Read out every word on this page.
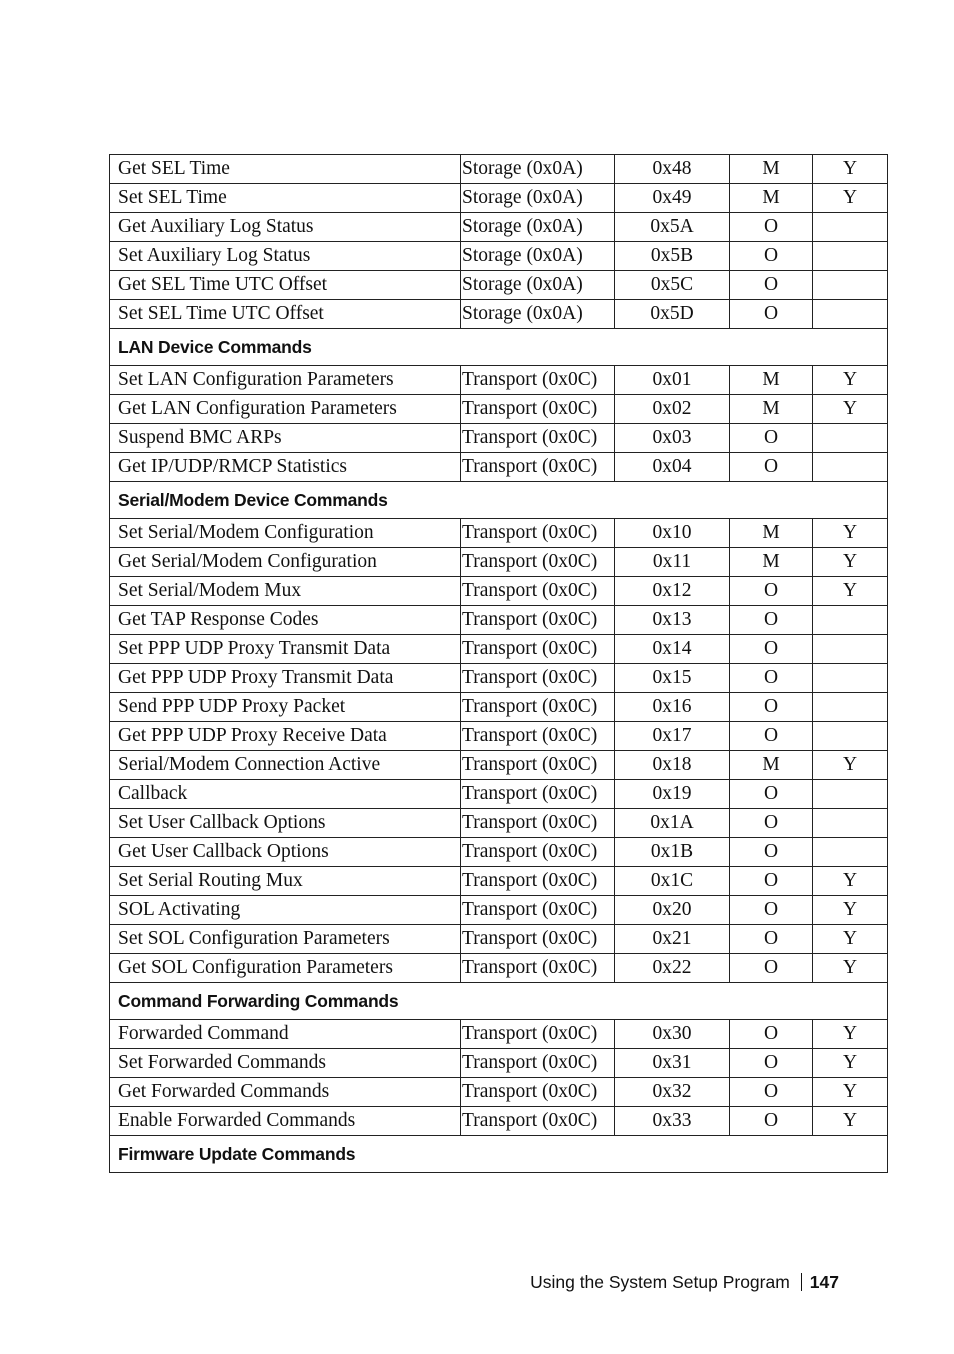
Get SEL Time	Storage (0x0A)	0x48	M	Y
Set SEL Time	Storage (0x0A)	0x49	M	Y
Get Auxiliary Log Status	Storage (0x0A)	0x5A	O	
Set Auxiliary Log Status	Storage (0x0A)	0x5B	O	
Get SEL Time UTC Offset	Storage (0x0A)	0x5C	O	
Set SEL Time UTC Offset	Storage (0x0A)	0x5D	O	
LAN Device Commands				
Set LAN Configuration Parameters	Transport (0x0C)	0x01	M	Y
Get LAN Configuration Parameters	Transport (0x0C)	0x02	M	Y
Suspend BMC ARPs	Transport (0x0C)	0x03	O	
Get IP/UDP/RMCP Statistics	Transport (0x0C)	0x04	O	
Serial/Modem Device Commands				
Set Serial/Modem Configuration	Transport (0x0C)	0x10	M	Y
Get Serial/Modem Configuration	Transport (0x0C)	0x11	M	Y
Set Serial/Modem Mux	Transport (0x0C)	0x12	O	Y
Get TAP Response Codes	Transport (0x0C)	0x13	O	
Set PPP UDP Proxy Transmit Data	Transport (0x0C)	0x14	O	
Get PPP UDP Proxy Transmit Data	Transport (0x0C)	0x15	O	
Send PPP UDP Proxy Packet	Transport (0x0C)	0x16	O	
Get PPP UDP Proxy Receive Data	Transport (0x0C)	0x17	O	
Serial/Modem Connection Active	Transport (0x0C)	0x18	M	Y
Callback	Transport (0x0C)	0x19	O	
Set User Callback Options	Transport (0x0C)	0x1A	O	
Get User Callback Options	Transport (0x0C)	0x1B	O	
Set Serial Routing Mux	Transport (0x0C)	0x1C	O	Y
SOL Activating	Transport (0x0C)	0x20	O	Y
Set SOL Configuration Parameters	Transport (0x0C)	0x21	O	Y
Get SOL Configuration Parameters	Transport (0x0C)	0x22	O	Y
Command Forwarding Commands				
Forwarded Command	Transport (0x0C)	0x30	O	Y
Set Forwarded Commands	Transport (0x0C)	0x31	O	Y
Get Forwarded Commands	Transport (0x0C)	0x32	O	Y
Enable Forwarded Commands	Transport (0x0C)	0x33	O	Y
Firmware Update Commands				
Using the System Setup Program 147
